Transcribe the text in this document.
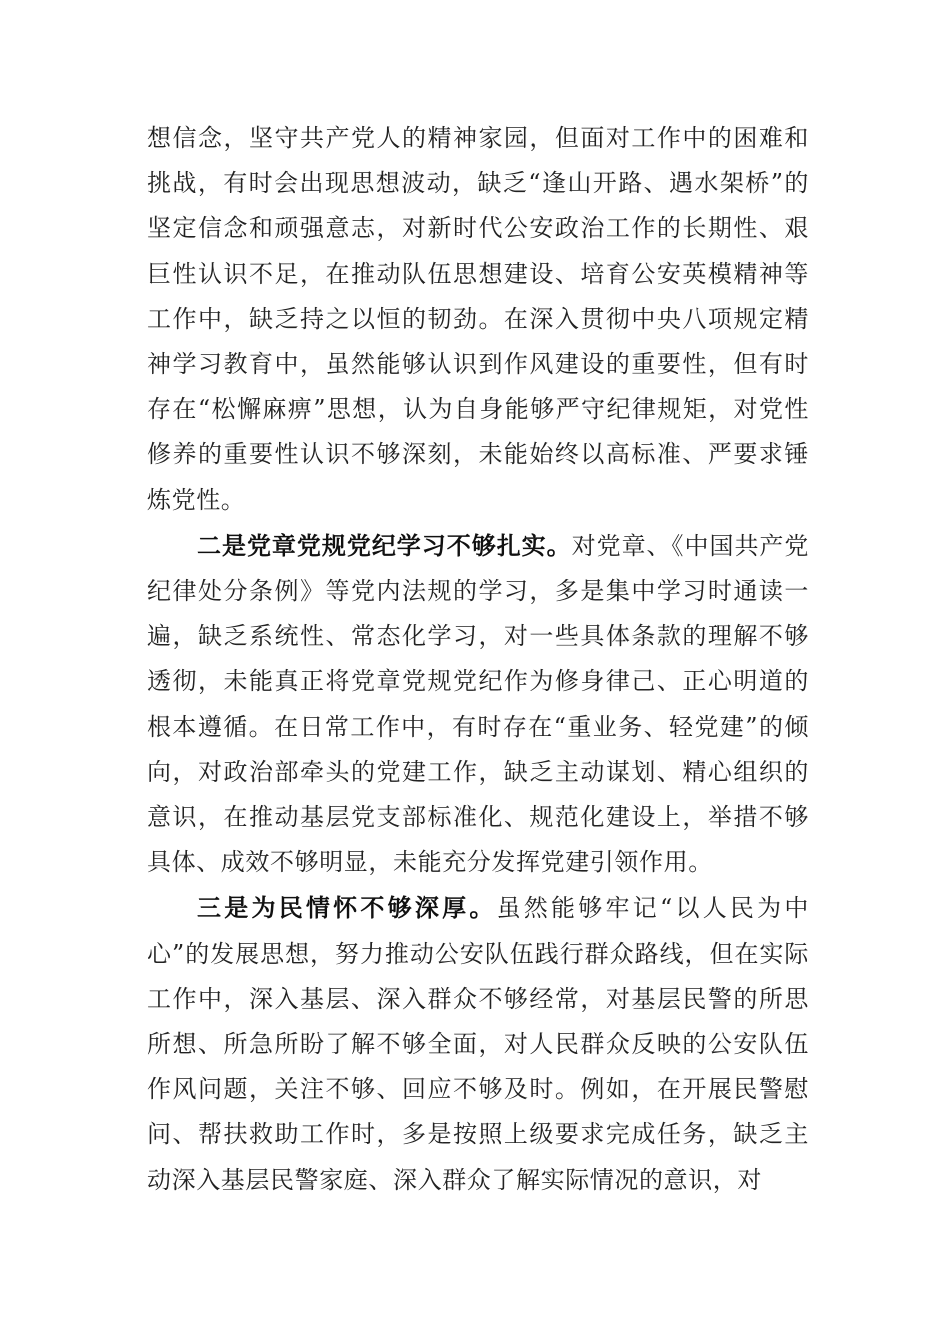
想信念，坚守共产党人的精神家园，但面对工作中的困难和挑战，有时会出现思想波动，缺乏“逢山开路、遇水架桥”的坚定信念和顽强意志，对新时代公安政治工作的长期性、艰巨性认识不足，在推动队伍思想建设、培育公安英模精神等工作中，缺乏持之以恒的韧劲。在深入贯彻中央八项规定精神学习教育中，虽然能够认识到作风建设的重要性，但有时存在“松懈麻痹”思想，认为自身能够严守纪律规矩，对党性修养的重要性认识不够深刻，未能始终以高标准、严要求锤炼党性。

二是党章党规党纪学习不够扎实。对党章、《中国共产党纪律处分条例》等党内法规的学习，多是集中学习时通读一遍，缺乏系统性、常态化学习，对一些具体条款的理解不够透彻，未能真正将党章党规党纪作为修身律己、正心明道的根本遵循。在日常工作中，有时存在“重业务、轻党建”的倾向，对政治部牵头的党建工作，缺乏主动谋划、精心组织的意识，在推动基层党支部标准化、规范化建设上，举措不够具体、成效不够明显，未能充分发挥党建引领作用。

三是为民情怀不够深厚。虽然能够牢记“以人民为中心”的发展思想，努力推动公安队伍践行群众路线，但在实际工作中，深入基层、深入群众不够经常，对基层民警的所思所想、所急所盼了解不够全面，对人民群众反映的公安队伍作风问题，关注不够、回应不够及时。例如，在开展民警慰问、帮扶救助工作时，多是按照上级要求完成任务，缺乏主动深入基层民警家庭、深入群众了解实际情况的意识，对
